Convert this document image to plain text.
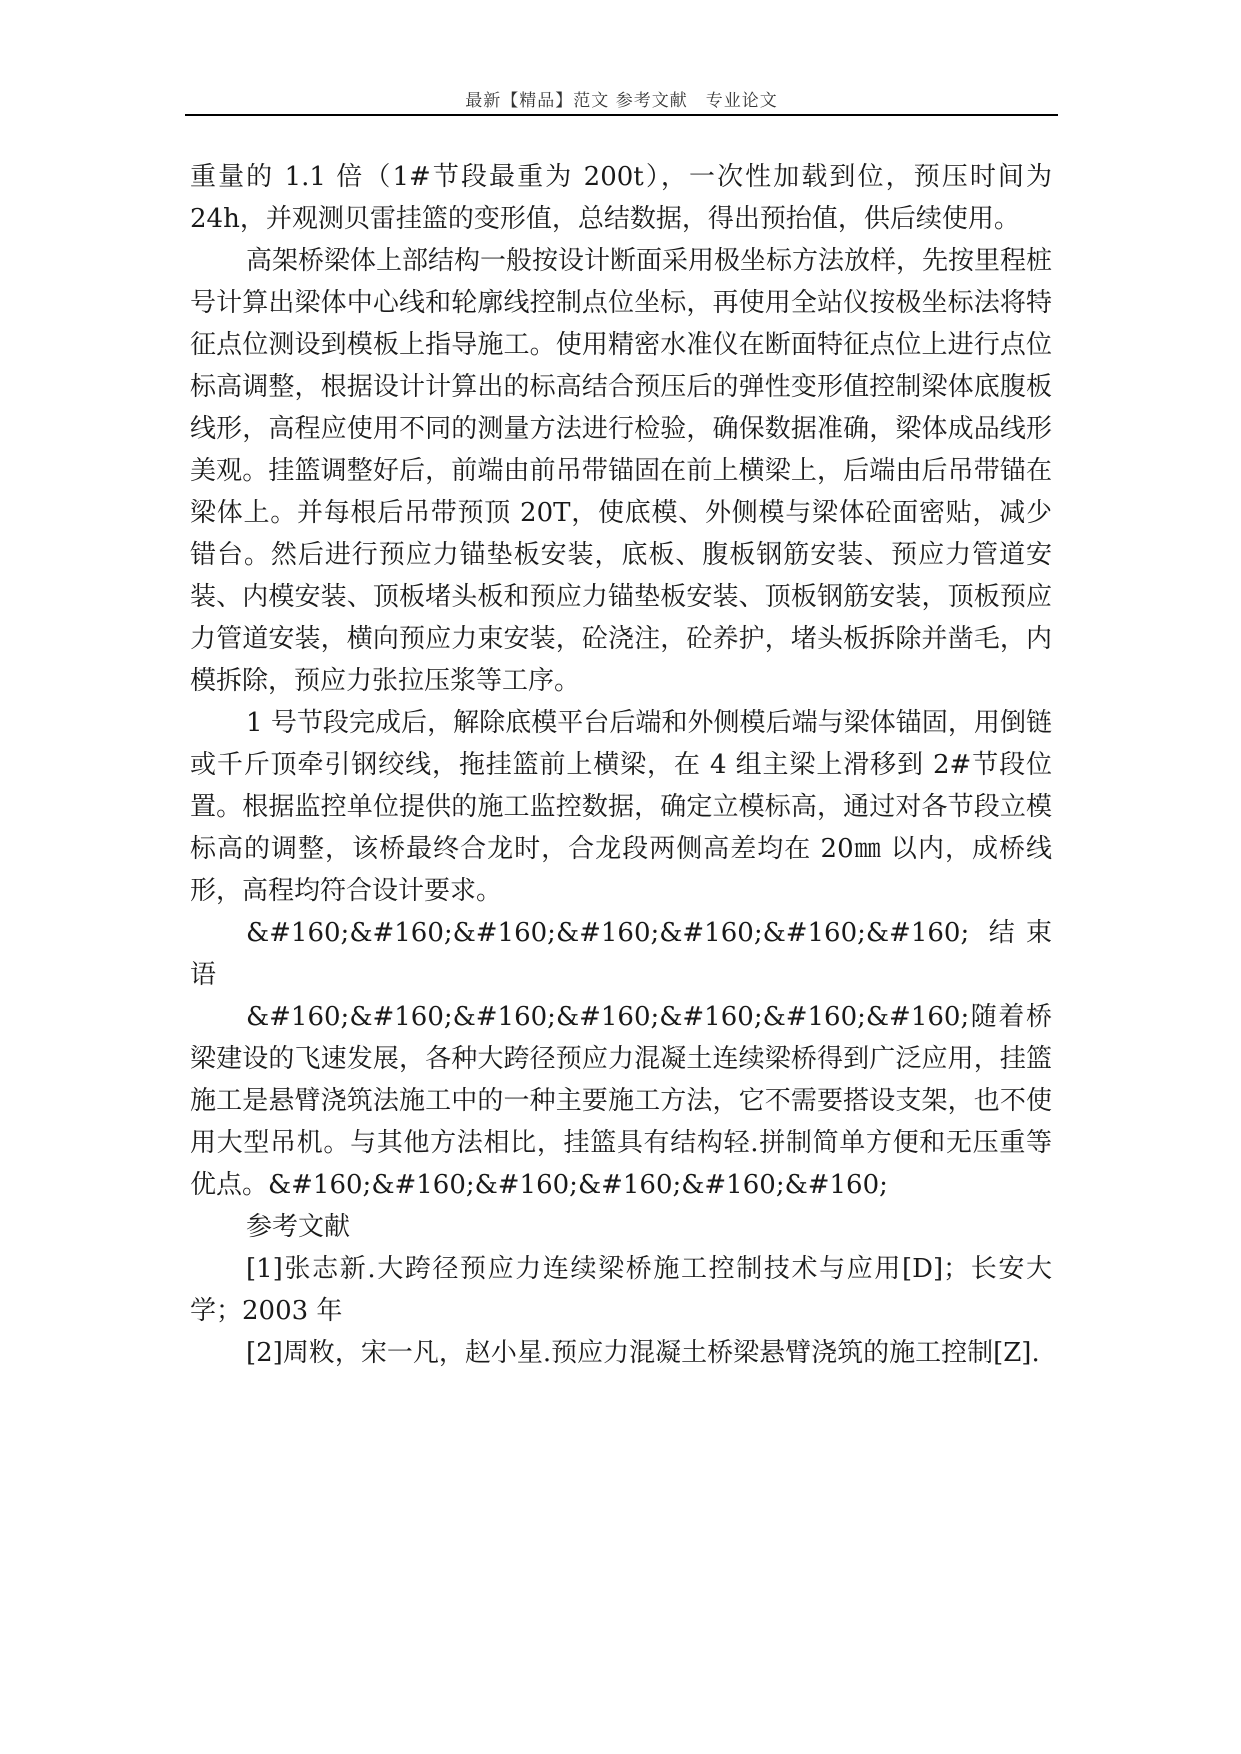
最新【精品】范文 参考文献　专业论文

重量的 1.1 倍（1#节段最重为 200t），一次性加载到位，预压时间为 24h，并观测贝雷挂篮的变形值，总结数据，得出预抬值，供后续使用。

高架桥梁体上部结构一般按设计断面采用极坐标方法放样，先按里程桩号计算出梁体中心线和轮廓线控制点位坐标，再使用全站仪按极坐标法将特征点位测设到模板上指导施工。使用精密水准仪在断面特征点位上进行点位标高调整，根据设计计算出的标高结合预压后的弹性变形值控制梁体底腹板线形，高程应使用不同的测量方法进行检验，确保数据准确，梁体成品线形美观。挂篮调整好后，前端由前吊带锚固在前上横梁上，后端由后吊带锚在梁体上。并每根后吊带预顶 20T，使底模、外侧模与梁体砼面密贴，减少错台。然后进行预应力锚垫板安装，底板、腹板钢筋安装、预应力管道安装、内模安装、顶板堵头板和预应力锚垫板安装、顶板钢筋安装，顶板预应力管道安装，横向预应力束安装，砼浇注，砼养护，堵头板拆除并凿毛，内模拆除，预应力张拉压浆等工序。

1 号节段完成后，解除底模平台后端和外侧模后端与梁体锚固，用倒链或千斤顶牵引钢绞线，拖挂篮前上横梁，在 4 组主梁上滑移到 2#节段位置。根据监控单位提供的施工监控数据，确定立模标高，通过对各节段立模标高的调整，该桥最终合龙时，合龙段两侧高差均在 20㎜ 以内，成桥线形，高程均符合设计要求。

&#160;&#160;&#160;&#160;&#160;&#160;&#160; 结束语

&#160;&#160;&#160;&#160;&#160;&#160;&#160;随着桥梁建设的飞速发展，各种大跨径预应力混凝土连续梁桥得到广泛应用，挂篮施工是悬臂浇筑法施工中的一种主要施工方法，它不需要搭设支架，也不使用大型吊机。与其他方法相比，挂篮具有结构轻.拼制简单方便和无压重等优点。&#160;&#160;&#160;&#160;&#160;&#160;

参考文献

[1]张志新.大跨径预应力连续梁桥施工控制技术与应用[D]；长安大学；2003 年

[2]周敉，宋一凡，赵小星.预应力混凝土桥梁悬臂浇筑的施工控制[Z].
